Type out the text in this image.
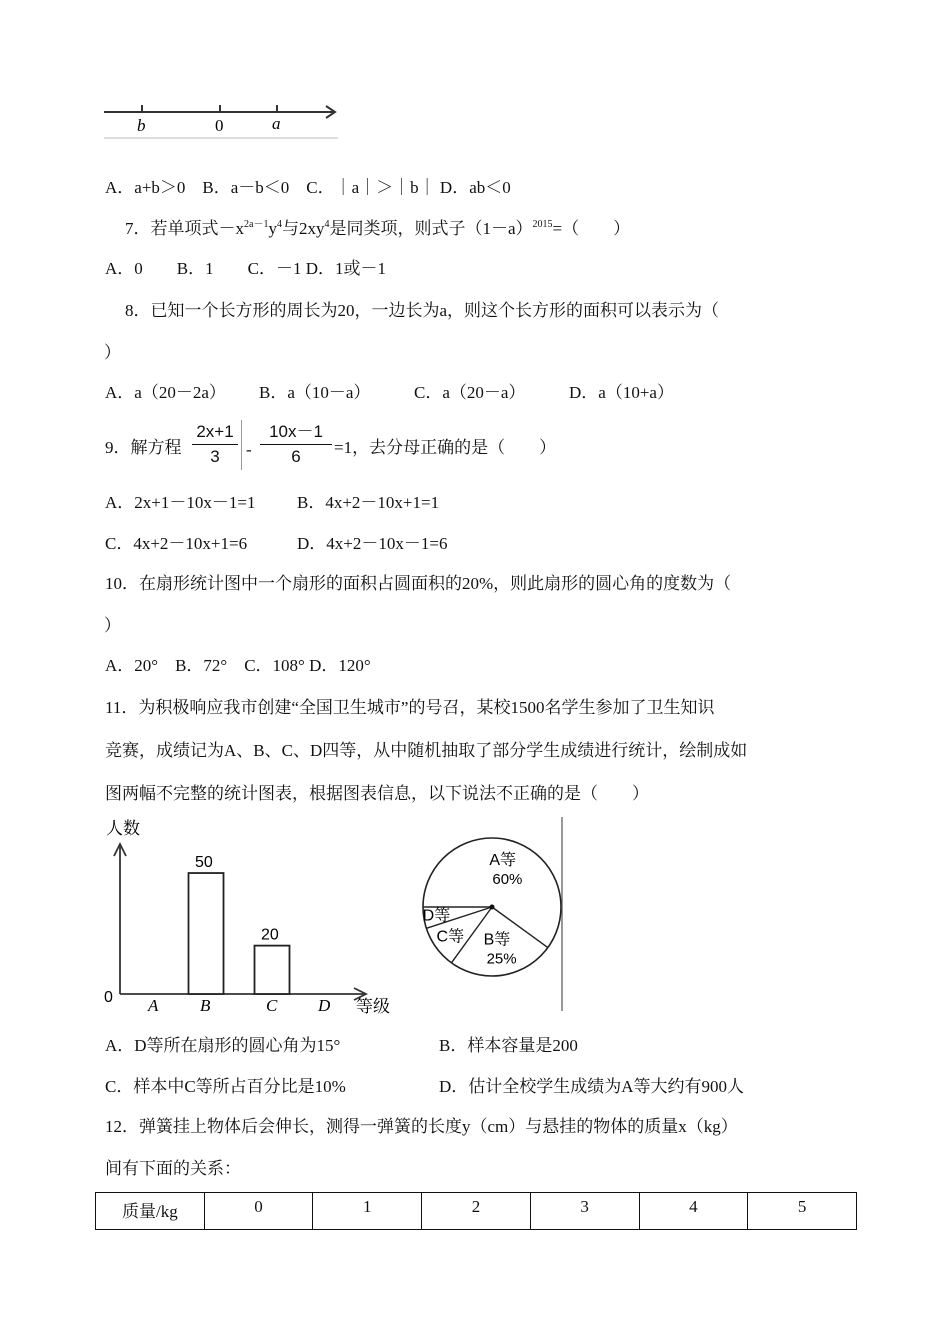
b	0	a
A．a+b＞0　B．a－b＜0　C．｜a｜＞｜b｜ D．ab＜0
7．若单项式$-x^{2a-1}y^4$与$2xy^4$是同类项，则式子$(1-a)^{2015}=$（　　）
A．0　　B．1　　C．－1 D．1或－1
8．已知一个长方形的周长为20，一边长为a，则这个长方形的面积可以表示为（
）
A．a（20－2a） B．a（10－a）	C．a（20－a）	D．a（10+a）
9．解方程
2x+1
3	-
10x－1
6	=1，去分母正确的是（　　）
A．2x+1－10x－1=1 B．4x+2－10x+1=1
C．4x+2－10x+1=6	D．4x+2－10x－1=6
10．在扇形统计图中一个扇形的面积占圆面积的20%，则此扇形的圆心角的度数为（
）
A．20°　B．72°　C．108° D．120°
11．为积极响应我市创建“全国卫生城市”的号召，某校1500名学生参加了卫生知识
竞赛，成绩记为A、B、C、D四等，从中随机抽取了部分学生成绩进行统计，绘制成如
图两幅不完整的统计图表，根据图表信息，以下说法不正确的是（　　）
人数
0	等级
A B
50
C
20
D
A等
60%
B等
25%
C等
D等
A．D等所在扇形的圆心角为15°	B．样本容量是200
C．样本中C等所占百分比是10%	D．估计全校学生成绩为A等大约有900人
12．弹簧挂上物体后会伸长，测得一弹簧的长度y（cm）与悬挂的物体的质量x（kg）
间有下面的关系：
质量/kg	0	1	2	3	4	5
